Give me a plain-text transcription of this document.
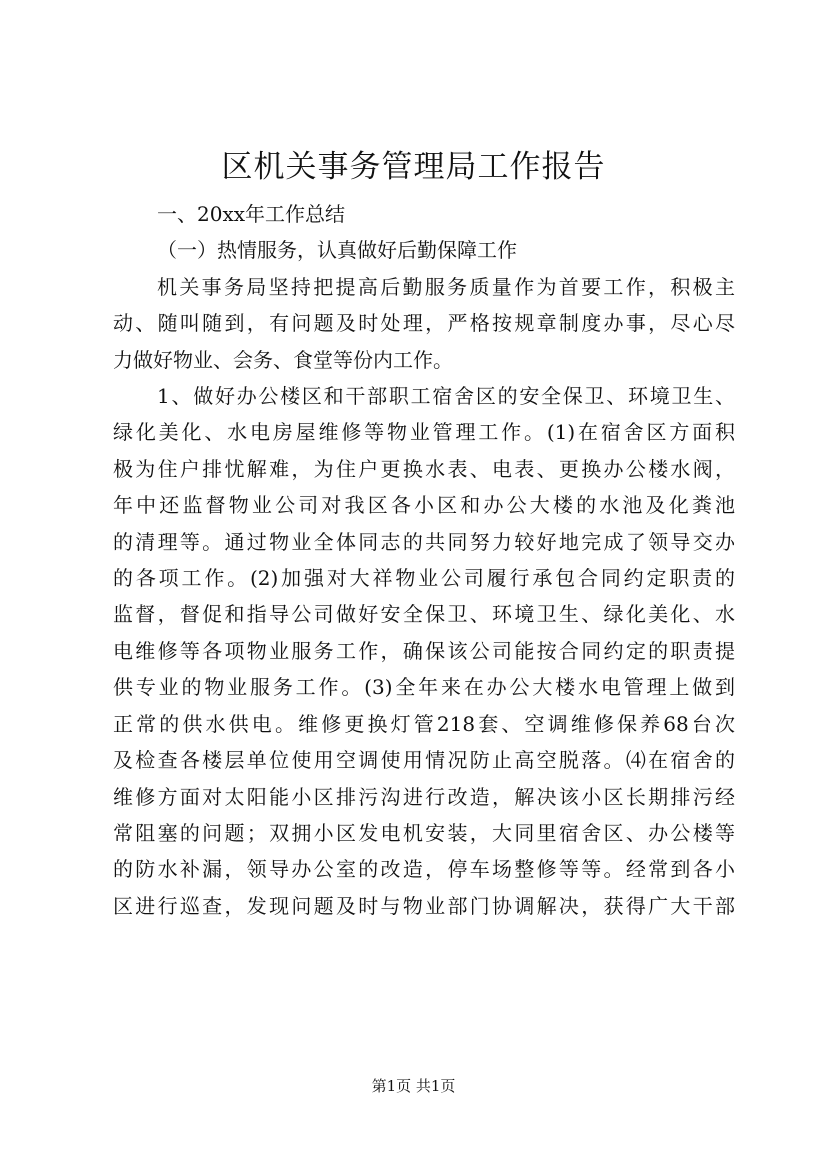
区机关事务管理局工作报告

一、20xx年工作总结

（一）热情服务，认真做好后勤保障工作

机关事务局坚持把提高后勤服务质量作为首要工作，积极主

动、随叫随到，有问题及时处理，严格按规章制度办事，尽心尽

力做好物业、会务、食堂等份内工作。

1、做好办公楼区和干部职工宿舍区的安全保卫、环境卫生、

绿化美化、水电房屋维修等物业管理工作。(1)在宿舍区方面积

极为住户排忧解难，为住户更换水表、电表、更换办公楼水阀，

年中还监督物业公司对我区各小区和办公大楼的水池及化粪池

的清理等。通过物业全体同志的共同努力较好地完成了领导交办

的各项工作。(2)加强对大祥物业公司履行承包合同约定职责的

监督，督促和指导公司做好安全保卫、环境卫生、绿化美化、水

电维修等各项物业服务工作，确保该公司能按合同约定的职责提

供专业的物业服务工作。(3)全年来在办公大楼水电管理上做到

正常的供水供电。维修更换灯管218套、空调维修保养68台次

及检查各楼层单位使用空调使用情况防止高空脱落。⑷在宿舍的

维修方面对太阳能小区排污沟进行改造，解决该小区长期排污经

常阻塞的问题；双拥小区发电机安装，大同里宿舍区、办公楼等

的防水补漏，领导办公室的改造，停车场整修等等。经常到各小

区进行巡查，发现问题及时与物业部门协调解决，获得广大干部

第1页 共1页
